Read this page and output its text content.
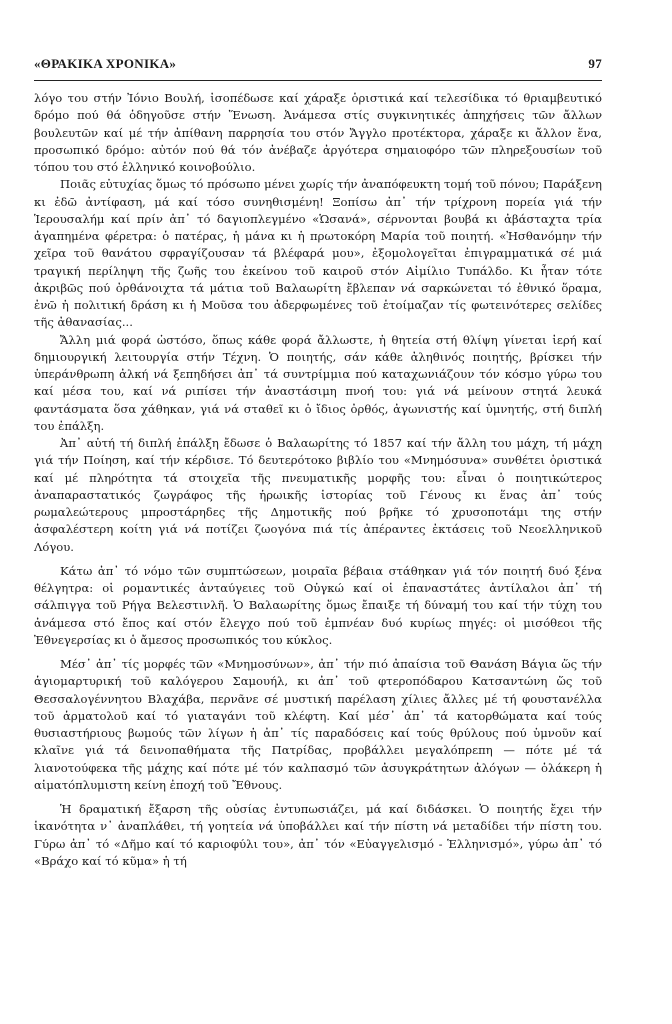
«ΘΡΑΚΙΚΑ ΧΡΟΝΙΚΑ»	97

λόγο του στήν Ἰόνιο Βουλή, ἰσοπέδωσε καί χάραξε ὁριστικά καί τελεσίδικα τό θριαμβευτικό δρόμο πού θά ὁδηγοῦσε στήν Ἕνωση. Ἀνάμεσα στίς συγκινητικές ἀπηχήσεις τῶν ἄλλων βουλευτῶν καί μέ τήν ἀπίθανη παρρησία του στόν Ἄγγλο προτέκτορα, χάραξε κι ἄλλον ἕνα, προσωπικό δρόμο: αὐτόν πού θά τόν ἀνέβαζε ἀργότερα σημαιοφόρο τῶν πληρεξουσίων τοῦ τόπου του στό ἑλληνικό κοινοβούλιο.

Ποιᾶς εὐτυχίας ὅμως τό πρόσωπο μένει χωρίς τήν ἀναπόφευκτη τομή τοῦ πόνου; Παράξενη κι ἐδῶ ἀντίφαση, μά καί τόσο συνηθισμένη! Ξοπίσω ἀπ᾽ τήν τρίχρονη πορεία γιά τήν Ἱερουσαλήμ καί πρίν ἀπ᾽ τό δαγιοπλεγμένο «Ὡσανά», σέρνονται βουβά κι ἀβάσταχτα τρία ἀγαπημένα φέρετρα: ὁ πατέρας, ἡ μάνα κι ἡ πρωτοκόρη Μαρία τοῦ ποιητή. «Ἠσθανόμην τήν χεῖρα τοῦ θανάτου σφραγίζουσαν τά βλέφαρά μου», ἐξομολογεῖται ἐπιγραμματικά σέ μιά τραγική περίληψη τῆς ζωῆς του ἐκείνου τοῦ καιροῦ στόν Αἰμίλιο Τυπάλδο. Κι ἦταν τότε ἀκριβῶς πού ὀρθάνοιχτα τά μάτια τοῦ Βαλαωρίτη ἔβλεπαν νά σαρκώνεται τό ἐθνικό ὅραμα, ἐνῶ ἡ πολιτική δράση κι ἡ Μοῦσα του ἀδερφωμένες τοῦ ἑτοίμαζαν τίς φωτεινότερες σελίδες τῆς ἀθανασίας...

Ἄλλη μιά φορά ὡστόσο, ὅπως κάθε φορά ἄλλωστε, ἡ θητεία στή θλίψη γίνεται ἱερή καί δημιουργική λειτουργία στήν Τέχνη. Ὁ ποιητής, σάν κάθε ἀληθινός ποιητής, βρίσκει τήν ὑπεράνθρωπη ἀλκή νά ξεπηδήσει ἀπ᾽ τά συντρίμμια πού καταχωνιάζουν τόν κόσμο γύρω του καί μέσα του, καί νά ριπίσει τήν ἀναστάσιμη πνοή του: γιά νά μείνουν στητά λευκά φαντάσματα ὅσα χάθηκαν, γιά νά σταθεῖ κι ὁ ἴδιος ὀρθός, ἀγωνιστής καί ὑμνητής, στή διπλή του ἐπάλξη.

Ἀπ᾽ αὐτή τή διπλή ἐπάλξη ἔδωσε ὁ Βαλαωρίτης τό 1857 καί τήν ἄλλη του μάχη, τή μάχη γιά τήν Ποίηση, καί τήν κέρδισε. Τό δευτερότοκο βιβλίο του «Μνημόσυνα» συνθέτει ὁριστικά καί μέ πληρότητα τά στοιχεῖα τῆς πνευματικῆς μορφῆς του: εἶναι ὁ ποιητικώτερος ἀναπαραστατικός ζωγράφος τῆς ἡρωικῆς ἱστορίας τοῦ Γένους κι ἕνας ἀπ᾽ τούς ρωμαλεώτερους μπροστάρηδες τῆς Δημοτικῆς πού βρῆκε τό χρυσοποτάμι της στήν ἀσφαλέστερη κοίτη γιά νά ποτίζει ζωογόνα πιά τίς ἀπέραντες ἐκτάσεις τοῦ Νεοελληνικοῦ Λόγου.

Κάτω ἀπ᾽ τό νόμο τῶν συμπτώσεων, μοιραῖα βέβαια στάθηκαν γιά τόν ποιητή δυό ξένα θέλγητρα: οἱ ρομαντικές ἀνταύγειες τοῦ Οὐγκώ καί οἱ ἐπαναστάτες ἀντίλαλοι ἀπ᾽ τή σάλπιγγα τοῦ Ρήγα Βελεστινλῆ. Ὁ Βαλαωρίτης ὅμως ἔπαιξε τή δύναμή του καί τήν τύχη του ἀνάμεσα στό ἔπος καί στόν ἔλεγχο πού τοῦ ἐμπνέαν δυό κυρίως πηγές: οἱ μισόθεοι τῆς Ἐθνεγερσίας κι ὁ ἄμεσος προσωπικός του κύκλος.

Μέσ᾽ ἀπ᾽ τίς μορφές τῶν «Μνημοσύνων», ἀπ᾽ τήν πιό ἀπαίσια τοῦ Θανάση Βάγια ὥς τήν ἁγιομαρτυρική τοῦ καλόγερου Σαμουήλ, κι ἀπ᾽ τοῦ φτεροπόδαρου Κατσαντώνη ὥς τοῦ Θεσσαλογέννητου Βλαχάβα, περνᾶνε σέ μυστική παρέλαση χίλιες ἄλλες μέ τή φουστανέλλα τοῦ ἁρματολοῦ καί τό γιαταγάνι τοῦ κλέφτη. Καί μέσ᾽ ἀπ᾽ τά κατορθώματα καί τούς θυσιαστήριους βωμούς τῶν λίγων ἡ ἀπ᾽ τίς παραδόσεις καί τούς θρύλους πού ὑμνοῦν καί κλαῖνε γιά τά δεινοπαθήματα τῆς Πατρίδας, προβάλλει μεγαλόπρεπη — πότε μέ τά λιανοτούφεκα τῆς μάχης καί πότε μέ τόν καλπασμό τῶν ἀσυγκράτητων ἀλόγων — ὁλάκερη ἡ αἱματόπλυμιστη κείνη ἐποχή τοῦ Ἔθνους.

Ἡ δραματική ἔξαρση τῆς οὐσίας ἐντυπωσιάζει, μά καί διδάσκει. Ὁ ποιητής ἔχει τήν ἱκανότητα ν᾽ ἀναπλάθει, τή γοητεία νά ὑποβάλλει καί τήν πίστη νά μεταδίδει τήν πίστη του. Γύρω ἀπ᾽ τό «Δῆμο καί τό καριοφύλι του», ἀπ᾽ τόν «Εὐαγγελισμό - Ἑλληνισμό», γύρω ἀπ᾽ τό «Βράχο καί τό κῦμα» ἡ τή
